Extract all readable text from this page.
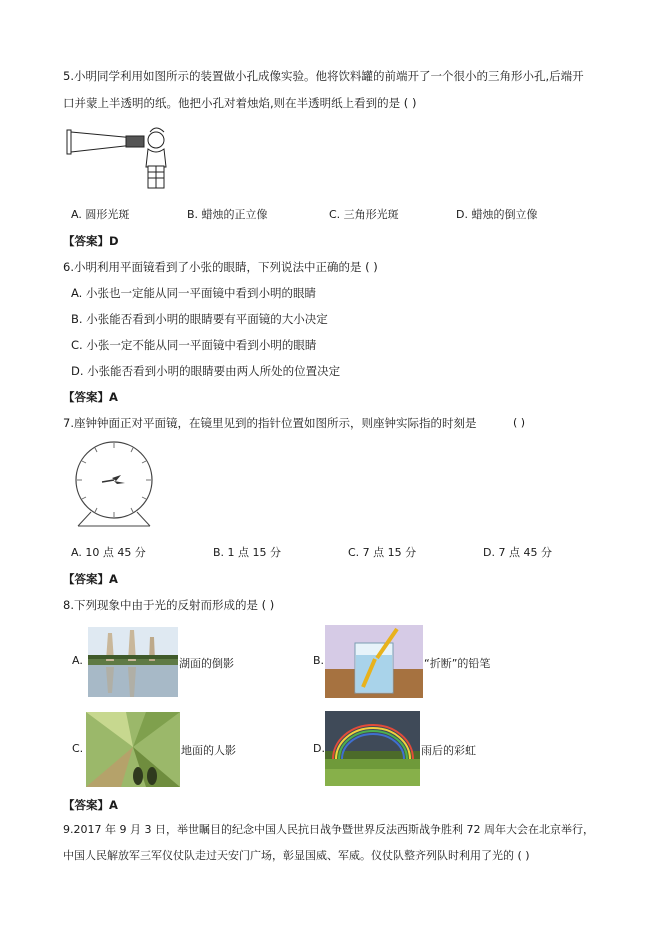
5.小明同学利用如图所示的装置做小孔成像实验。他将饮料罐的前端开了一个很小的三角形小孔,后端开
口并蒙上半透明的纸。他把小孔对着烛焰,则在半透明纸上看到的是 ( )
A. 圆形光斑	B. 蜡烛的正立像	C. 三角形光斑	D. 蜡烛的倒立像
【答案】D
6.小明利用平面镜看到了小张的眼睛，下列说法中正确的是 ( )
A. 小张也一定能从同一平面镜中看到小明的眼睛
B. 小张能否看到小明的眼睛要有平面镜的大小决定
C. 小张一定不能从同一平面镜中看到小明的眼睛
D. 小张能否看到小明的眼睛要由两人所处的位置决定
【答案】A
7.座钟钟面正对平面镜，在镜里见到的指针位置如图所示，则座钟实际指的时刻是	( )
A. 10 点 45 分	B. 1 点 15 分	C. 7 点 15 分	D. 7 点 45 分
【答案】A
8.下列现象中由于光的反射而形成的是 ( )
A.	湖面的倒影	B.	“折断”的铅笔
C.	地面的人影	D.	雨后的彩虹
【答案】A
9.2017 年 9 月 3 日，举世瞩目的纪念中国人民抗日战争暨世界反法西斯战争胜利 72 周年大会在北京举行，
中国人民解放军三军仪仗队走过天安门广场，彰显国威、军威。仪仗队整齐列队时利用了光的 ( )
